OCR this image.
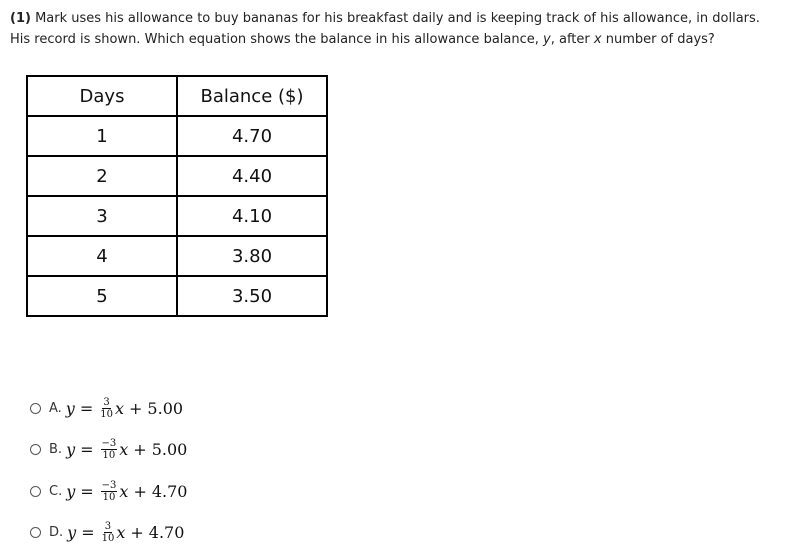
(1) Mark uses his allowance to buy bananas for his breakfast daily and is keeping track of his allowance, in dollars. His record is shown. Which equation shows the balance in his allowance balance, y, after x number of days?
Days	Balance ($)
1	4.70
2	4.40
3	4.10
4	3.80
5	3.50
A. $y = \frac{3}{10}$ x + 5.00
B. $y = \frac{-3}{10}$ x + 5.00
C. $y = \frac{-3}{10}$ x + 4.70
D. $y = \frac{3}{10}$ x + 4.70
